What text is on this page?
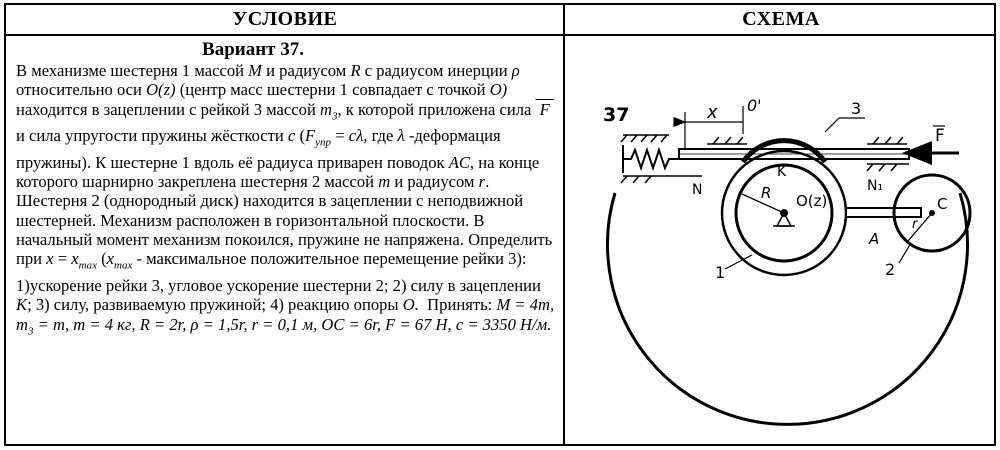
УСЛОВИЕ	СХЕМА
Вариант 37.

В механизме шестерня 1 массой M и радиусом R с радиусом инерции ρ относительно оси O(z) (центр масс шестерни 1 совпадает с точкой O) находится в зацеплении с рейкой 3 массой $m_3$, к которой приложена сила  F  и сила упругости пружины жёсткости c ($F_{упр} = c\lambda$, где λ -деформация пружины). К шестерне 1 вдоль её радиуса приварен поводок AC, на конце которого шарнирно закреплена шестерня 2 массой m и радиусом r. Шестерня 2 (однородный диск) находится в зацеплении с неподвижной шестерней. Механизм расположен в горизонтальной плоскости. В начальный момент механизм покоился, пружине не напряжена. Определить при $x = x_{max}$ ($x_{max}$ - максимальное положительное перемещение рейки 3): 1)ускорение рейки 3, угловое ускорение шестерни 2; 2) силу в зацеплении K; 3) силу, развиваемую пружиной; 4) реакцию опоры O.  Принять: M = 4m, $m_3 = m$, m = 4 кг, R = 2r, ρ = 1,5r, r = 0,1 м, OC = 6r, F = 67 Н, c = 3350 Н/м.

37	x 0'	3
F
O(z)
K
R
N	N₁
A
C
r
1	2
